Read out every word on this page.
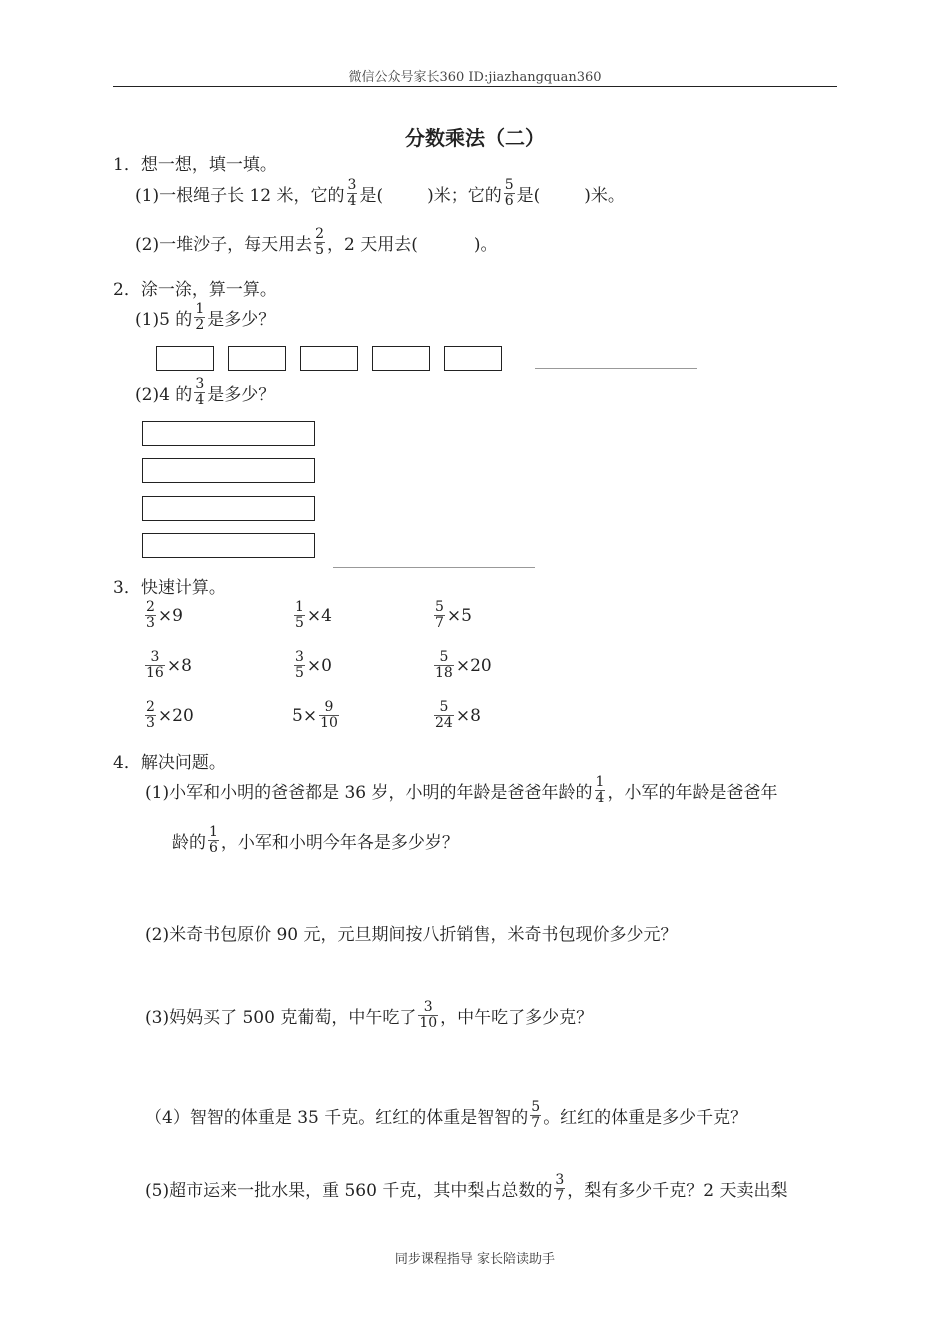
微信公众号家长360 ID:jiazhangquan360
分数乘法（二）
1．想一想，填一填。
(1)一根绳子长 12 米，它的 $\frac{3}{4}$ 是(	)米；它的 $\frac{5}{6}$ 是(	)米。
(2)一堆沙子，每天用去 $\frac{2}{5}$ ，2 天用去(	)。
2．涂一涂，算一算。
(1)5 的 $\frac{1}{2}$ 是多少？
(2)4 的 $\frac{3}{4}$ 是多少？
3．快速计算。
$\frac{2}{3} \times 9$	$\frac{1}{5} \times 4$	$\frac{5}{7} \times 5$
$\frac{3}{16} \times 8$	$\frac{3}{5} \times 0$	$\frac{5}{18} \times 20$
$\frac{2}{3} \times 20$	$5\times \frac{9}{10}$	$\frac{5}{24} \times 8$
4．解决问题。
(1)小军和小明的爸爸都是 36 岁，小明的年龄是爸爸年龄的 $\frac{1}{4}$ ，小军的年龄是爸爸年
龄的 $\frac{1}{6}$ ，小军和小明今年各是多少岁？
(2)米奇书包原价 90 元，元旦期间按八折销售，米奇书包现价多少元？
(3)妈妈买了 500 克葡萄，中午吃了 $\frac{3}{10}$ ，中午吃了多少克？
（4）智智的体重是 35 千克。红红的体重是智智的 $\frac{5}{7}$ 。红红的体重是多少千克？
(5)超市运来一批水果，重 560 千克，其中梨占总数的 $\frac{3}{7}$ ，梨有多少千克？2 天卖出梨
同步课程指导 家长陪读助手
